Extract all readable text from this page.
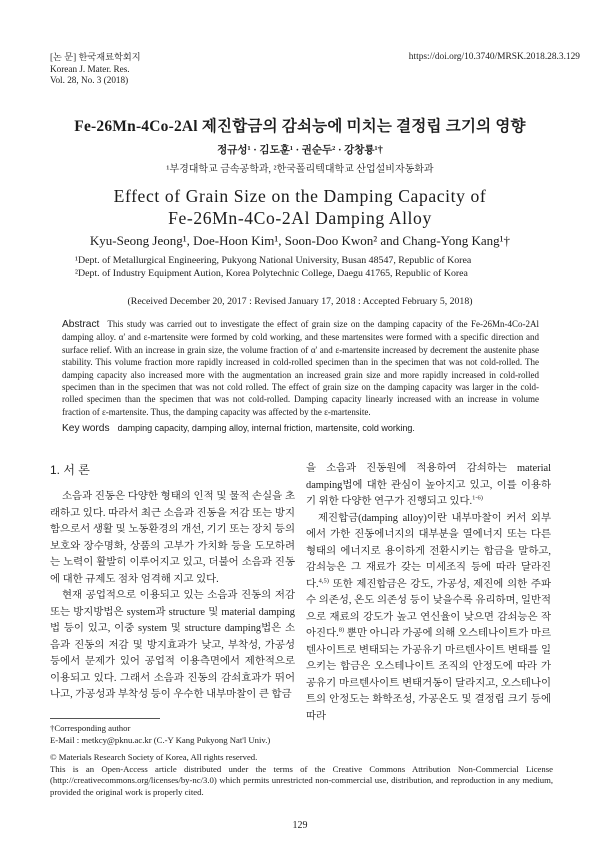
[논 문] 한국재료학회지
Korean J. Mater. Res.
Vol. 28, No. 3 (2018)
https://doi.org/10.3740/MRSK.2018.28.3.129
Fe-26Mn-4Co-2Al 제진합금의 감쇠능에 미치는 결정립 크기의 영향
정규성¹ · 김도훈¹ · 권순두² · 강창룡¹†
¹부경대학교 금속공학과, ²한국폴리텍대학교 산업설비자동화과
Effect of Grain Size on the Damping Capacity of
Fe-26Mn-4Co-2Al Damping Alloy
Kyu-Seong Jeong¹, Doe-Hoon Kim¹, Soon-Doo Kwon² and Chang-Yong Kang¹†
¹Dept. of Metallurgical Engineering, Pukyong National University, Busan 48547, Republic of Korea
²Dept. of Industry Equipment Aution, Korea Polytechnic College, Daegu 41765, Republic of Korea
(Received December 20, 2017 : Revised January 17, 2018 : Accepted February 5, 2018)
Abstract This study was carried out to investigate the effect of grain size on the damping capacity of the Fe-26Mn-4Co-2Al damping alloy. α' and ε-martensite were formed by cold working, and these martensites were formed with a specific direction and surface relief. With an increase in grain size, the volume fraction of α' and ε-martensite increased by decrement the austenite phase stability. This volume fraction more rapidly increased in cold-rolled specimen than in the specimen that was not cold-rolled. The damping capacity also increased more with the augmentation an increased grain size and more rapidly increased in cold-rolled specimen than in the specimen that was not cold rolled. The effect of grain size on the damping capacity was larger in the cold-rolled specimen than the specimen that was not cold-rolled. Damping capacity linearly increased with an increase in volume fraction of ε-martensite. Thus, the damping capacity was affected by the ε-martensite.
Key words damping capacity, damping alloy, internal friction, martensite, cold working.
1. 서 론

소음과 진동은 다양한 형태의 인적 및 물적 손실을 초래하고 있다. 따라서 최근 소음과 진동을 저감 또는 방지함으로서 생활 및 노동환경의 개선, 기기 또는 장치 등의 보호와 장수명화, 상품의 고부가 가치화 등을 도모하려는 노력이 활발히 이루어지고 있고, 더불어 소음과 진동에 대한 규제도 점차 엄격해 지고 있다.

현재 공업적으로 이용되고 있는 소음과 진동의 저감 또는 방지방법은 system과 structure 및 material damping법 등이 있고, 이중 system 및 structure damping법은 소음과 진동의 저감 및 방지효과가 낮고, 부착성, 가공성 등에서 문제가 있어 공업적 이용측면에서 제한적으로 이용되고 있다. 그래서 소음과 진동의 감쇠효과가 뛰어나고, 가공성과 부착성 등이 우수한 내부마찰이 큰 합금

을 소음과 진동원에 적용하여 감쇠하는 material damping법에 대한 관심이 높아지고 있고, 이를 이용하기 위한 다양한 연구가 진행되고 있다.$^{1-6)}$

제진합금(damping alloy)이란 내부마찰이 커서 외부에서 가한 진동에너지의 대부분을 열에너지 또는 다른 형태의 에너지로 용이하게 전환시키는 합금을 말하고, 감쇠능은 그 재료가 갖는 미세조직 등에 따라 달라진다.$^{4,5)}$ 또한 제진합금은 강도, 가공성, 제진에 의한 주파수 의존성, 온도 의존성 등이 낮을수록 유리하며, 일반적으로 재료의 강도가 높고 연신율이 낮으면 감쇠능은 작아진다.$^{8)}$ 뿐만 아니라 가공에 의해 오스테나이트가 마르텐사이트로 변태되는 가공유기 마르텐사이트 변태를 일으키는 합금은 오스테나이트 조직의 안정도에 따라 가공유기 마르텐사이트 변태거동이 달라지고, 오스테나이트의 안정도는 화학조성, 가공온도 및 결정립 크기 등에 따라

†Corresponding author
E-Mail : metkcy@pknu.ac.kr (C.-Y Kang Pukyong Nat'l Univ.)
© Materials Research Society of Korea, All rights reserved.
This is an Open-Access article distributed under the terms of the Creative Commons Attribution Non-Commercial License (http://creativecommons.org/licenses/by-nc/3.0) which permits unrestricted non-commercial use, distribution, and reproduction in any medium, provided the original work is properly cited.
129
